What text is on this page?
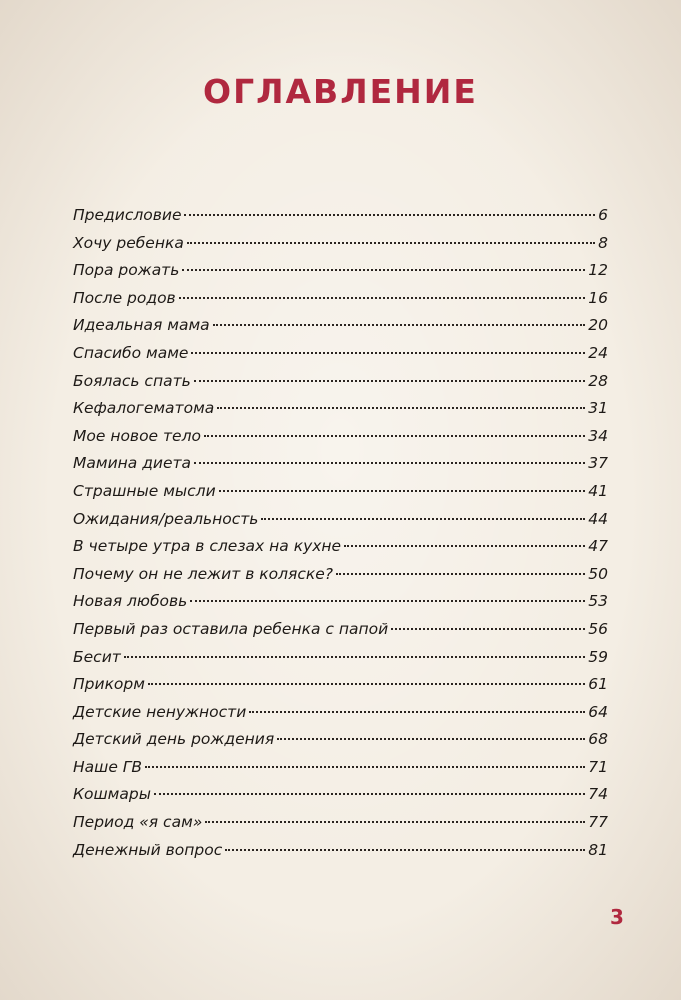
ОГЛАВЛЕНИЕ
Предисловие	6
Хочу ребенка	8
Пора рожать	12
После родов	16
Идеальная мама	20
Спасибо маме	24
Боялась спать	28
Кефалогематома	31
Мое новое тело	34
Мамина диета	37
Страшные мысли	41
Ожидания/реальность	44
В четыре утра в слезах на кухне	47
Почему он не лежит в коляске?	50
Новая любовь	53
Первый раз оставила ребенка с папой	56
Бесит	59
Прикорм	61
Детские ненужности	64
Детский день рождения	68
Наше ГВ	71
Кошмары	74
Период «я сам»	77
Денежный вопрос	81
3
